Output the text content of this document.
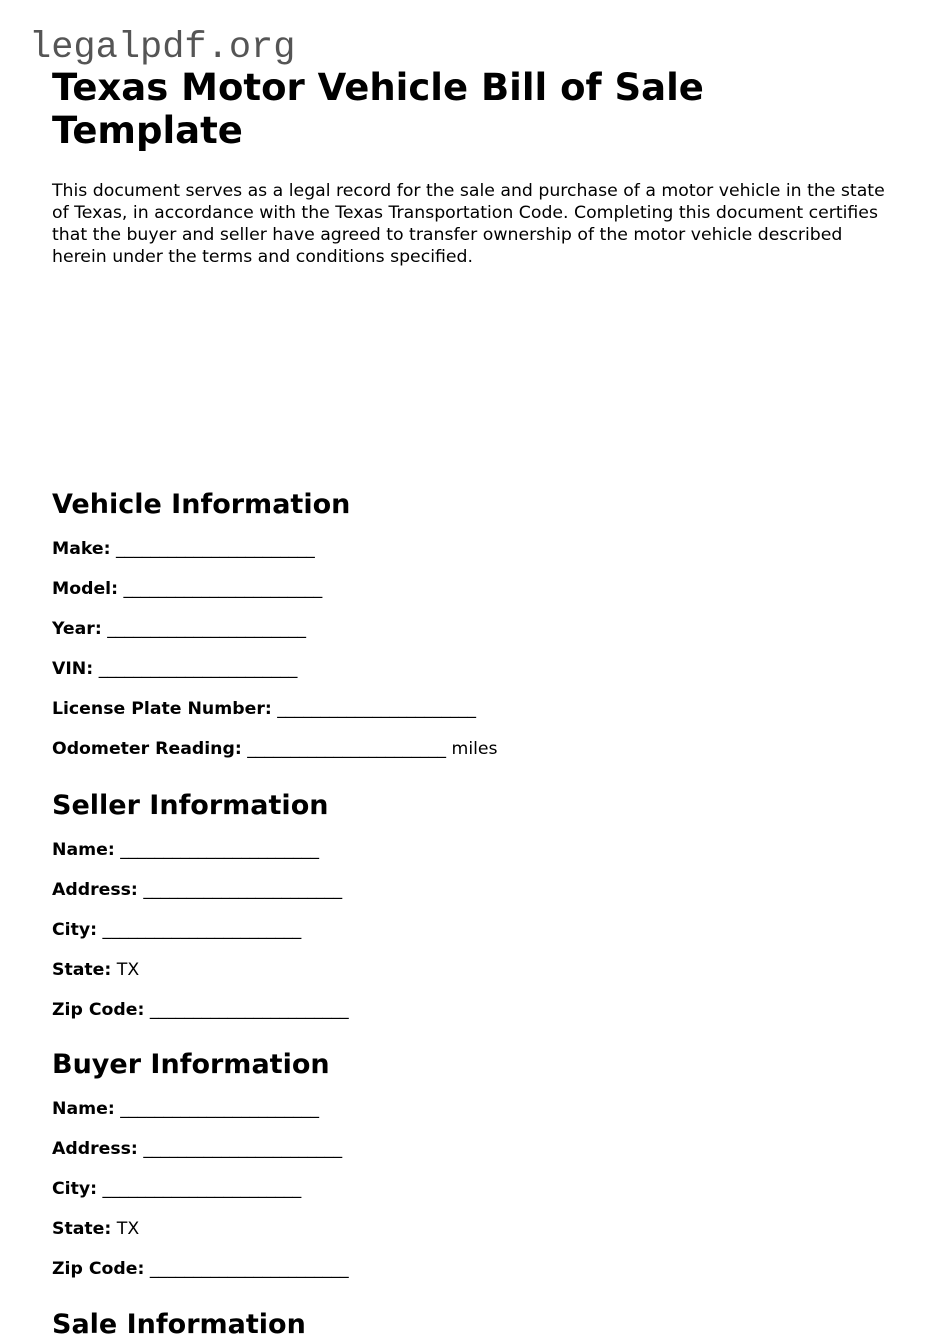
legalpdf.org
Texas Motor Vehicle Bill of Sale Template

This document serves as a legal record for the sale and purchase of a motor vehicle in the state of Texas, in accordance with the Texas Transportation Code. Completing this document certifies that the buyer and seller have agreed to transfer ownership of the motor vehicle described herein under the terms and conditions specified.

Vehicle Information
Make: _______________________
Model: _______________________
Year: _______________________
VIN: _______________________
License Plate Number: _______________________
Odometer Reading: _______________________ miles
Seller Information
Name: _______________________
Address: _______________________
City: _______________________
State: TX
Zip Code: _______________________
Buyer Information
Name: _______________________
Address: _______________________
City: _______________________
State: TX
Zip Code: _______________________
Sale Information
